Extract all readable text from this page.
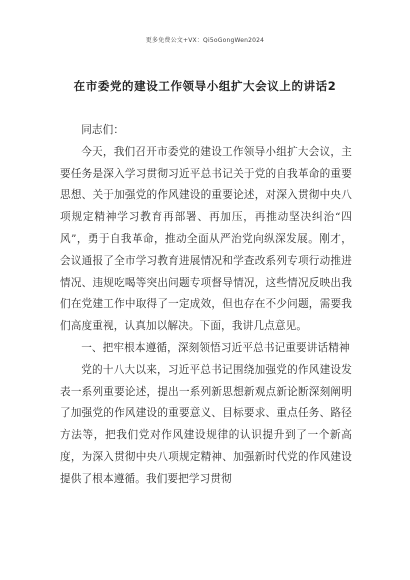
更多免费公文+VX：Qi5oGongWen2024
在市委党的建设工作领导小组扩大会议上的讲话2

同志们：

今天，我们召开市委党的建设工作领导小组扩大会议，主要任务是深入学习贯彻习近平总书记关于党的自我革命的重要思想、关于加强党的作风建设的重要论述，对深入贯彻中央八项规定精神学习教育再部署、再加压，再推动坚决纠治“四风”，勇于自我革命，推动全面从严治党向纵深发展。刚才，会议通报了全市学习教育进展情况和学查改系列专项行动推进情况、违规吃喝等突出问题专项督导情况，这些情况反映出我们在党建工作中取得了一定成效，但也存在不少问题，需要我们高度重视，认真加以解决。下面，我讲几点意见。

一、把牢根本遵循，深刻领悟习近平总书记重要讲话精神

党的十八大以来，习近平总书记围绕加强党的作风建设发表一系列重要论述，提出一系列新思想新观点新论断深刻阐明了加强党的作风建设的重要意义、目标要求、重点任务、路径方法等，把我们党对作风建设规律的认识提升到了一个新高度，为深入贯彻中央八项规定精神、加强新时代党的作风建设提供了根本遵循。我们要把学习贯彻
